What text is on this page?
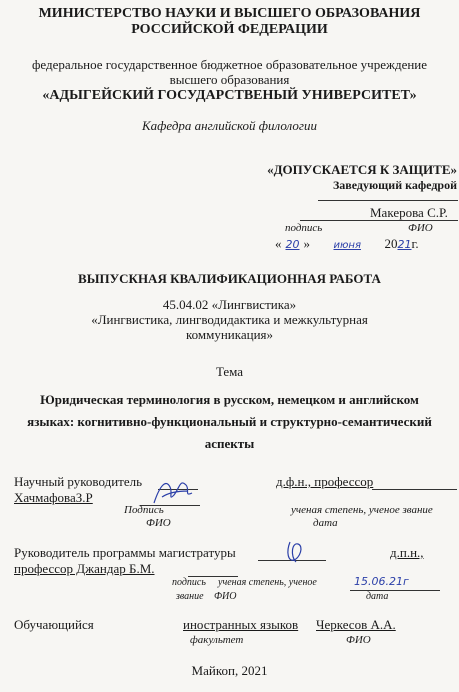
МИНИСТЕРСТВО НАУКИ И ВЫСШЕГО ОБРАЗОВАНИЯ
РОССИЙСКОЙ ФЕДЕРАЦИИ
федеральное государственное бюджетное образовательное учреждение
высшего образования
«АДЫГЕЙСКИЙ ГОСУДАРСТВЕНЫЙ УНИВЕРСИТЕТ»
Кафедра английской филологии
«ДОПУСКАЕТСЯ К ЗАЩИТЕ»
Заведующий кафедрой
Макерова С.Р.
подпись	ФИО
« 20 » июня 2021г.
ВЫПУСКНАЯ КВАЛИФИКАЦИОННАЯ РАБОТА
45.04.02 «Лингвистика»
«Лингвистика, лингводидактика и межкультурная
коммуникация»
Тема
Юридическая терминология в русском, немецком и английском
языках: когнитивно-функциональный и структурно-семантический
аспекты
Научный руководитель	д.ф.н., профессор
ХачмафоваЗ.Р
Подпись	ученая степень, ученое звание
ФИО	дата
Руководитель программы магистратуры	д.п.н.,
профессор Джандар Б.М.
подпись ученая степень, ученое
звание ФИО	дата
15.06.21г
Обучающийся	иностранных языков Черкесов А.А.
факультет	ФИО
Майкоп, 2021
